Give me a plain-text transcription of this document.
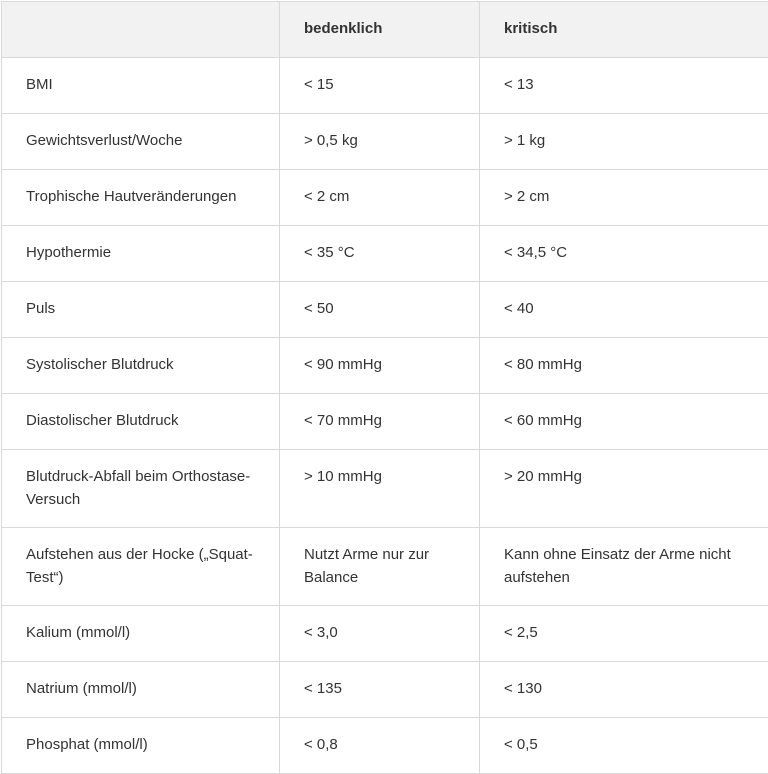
	bedenklich	kritisch
BMI	< 15	< 13
Gewichtsverlust/Woche	> 0,5 kg	> 1 kg
Trophische Hautveränderungen	< 2 cm	> 2 cm
Hypothermie	< 35 °C	< 34,5 °C
Puls	< 50	< 40
Systolischer Blutdruck	< 90 mmHg	< 80 mmHg
Diastolischer Blutdruck	< 70 mmHg	< 60 mmHg
Blutdruck-Abfall beim Orthostase-Versuch	> 10 mmHg	> 20 mmHg
Aufstehen aus der Hocke („Squat-Test“)	Nutzt Arme nur zur Balance	Kann ohne Einsatz der Arme nicht aufstehen
Kalium (mmol/l)	< 3,0	< 2,5
Natrium (mmol/l)	< 135	< 130
Phosphat (mmol/l)	< 0,8	< 0,5
